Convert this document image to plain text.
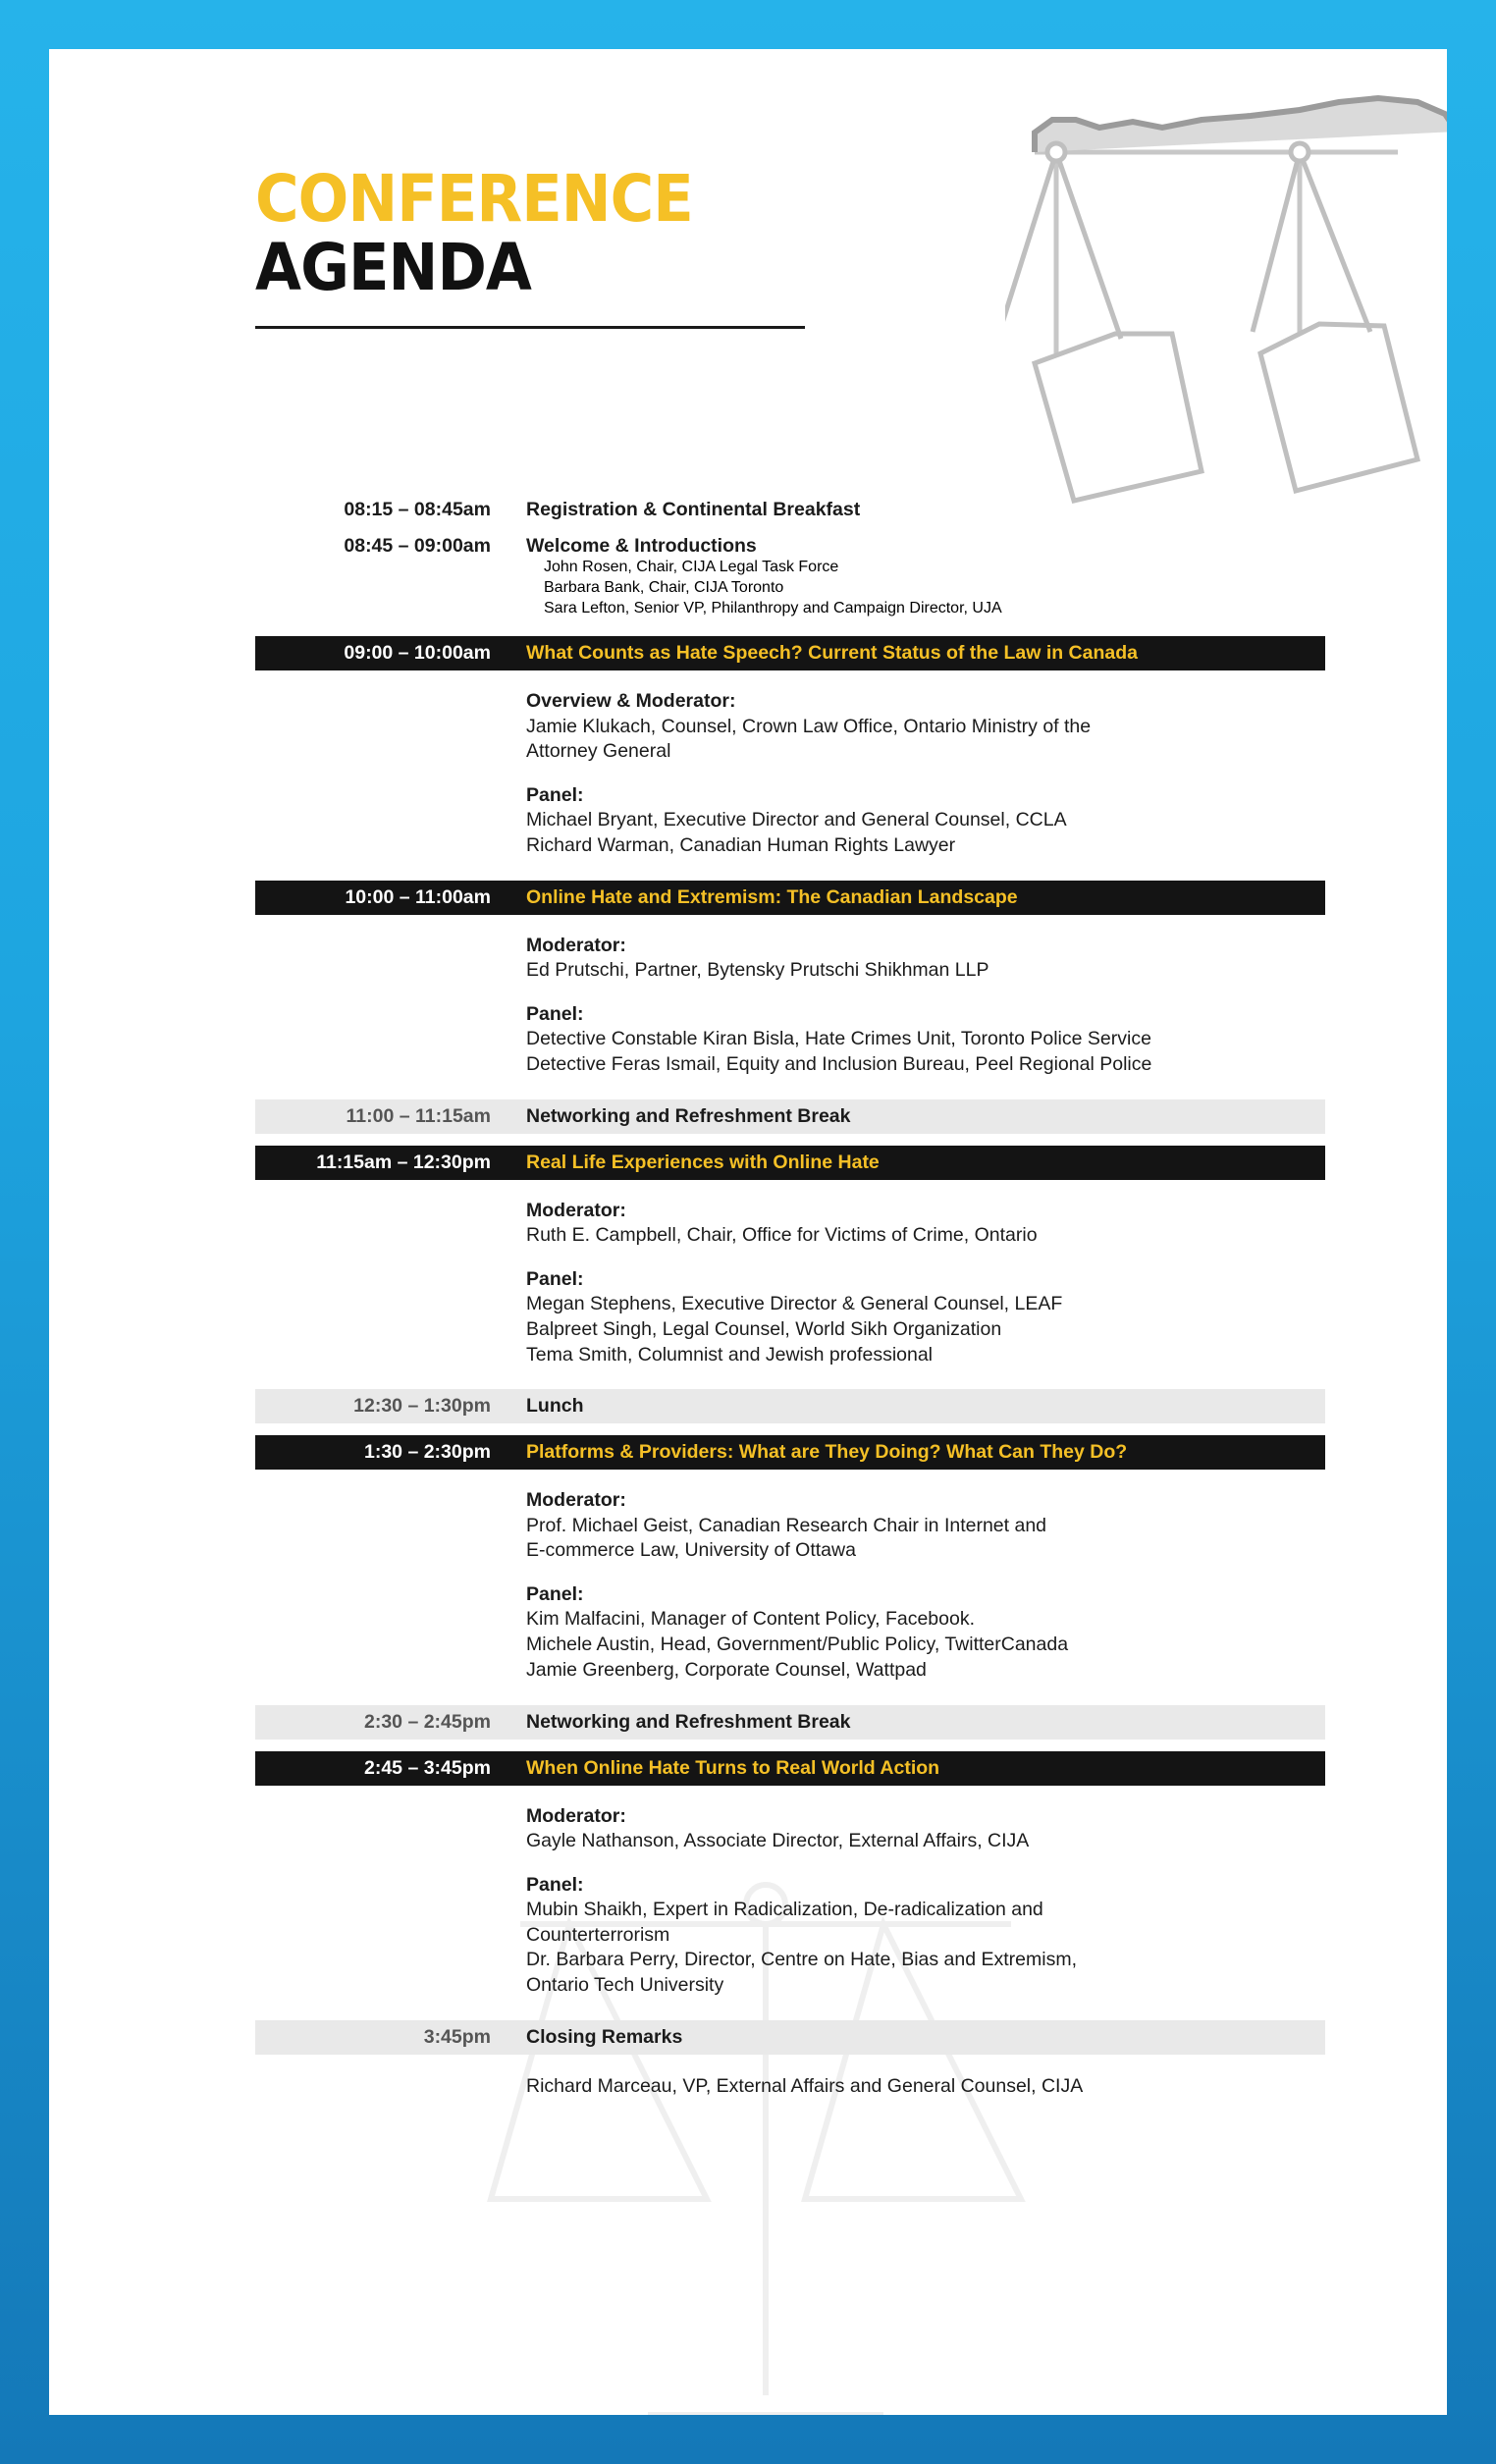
CONFERENCE
AGENDA
08:15 – 08:45am	Registration & Continental Breakfast
08:45 – 09:00am	Welcome & Introductions
John Rosen, Chair, CIJA Legal Task Force
Barbara Bank, Chair, CIJA Toronto
Sara Lefton, Senior VP, Philanthropy and Campaign Director, UJA
09:00 – 10:00am	What Counts as Hate Speech? Current Status of the Law in Canada
Overview & Moderator:
Jamie Klukach, Counsel, Crown Law Office, Ontario Ministry of the
Attorney General
Panel:
Michael Bryant, Executive Director and General Counsel, CCLA
Richard Warman, Canadian Human Rights Lawyer
10:00 – 11:00am	Online Hate and Extremism: The Canadian Landscape
Moderator:
Ed Prutschi, Partner, Bytensky Prutschi Shikhman LLP
Panel:
Detective Constable Kiran Bisla, Hate Crimes Unit, Toronto Police Service
Detective Feras Ismail, Equity and Inclusion Bureau, Peel Regional Police
11:00 – 11:15am	Networking and Refreshment Break
11:15am – 12:30pm	Real Life Experiences with Online Hate
Moderator:
Ruth E. Campbell, Chair, Office for Victims of Crime, Ontario
Panel:
Megan Stephens, Executive Director & General Counsel, LEAF
Balpreet Singh, Legal Counsel, World Sikh Organization
Tema Smith, Columnist and Jewish professional
12:30 – 1:30pm	Lunch
1:30 – 2:30pm	Platforms & Providers: What are They Doing? What Can They Do?
Moderator:
Prof. Michael Geist, Canadian Research Chair in Internet and
E-commerce Law, University of Ottawa
Panel:
Kim Malfacini, Manager of Content Policy, Facebook.
Michele Austin, Head, Government/Public Policy, TwitterCanada
Jamie Greenberg, Corporate Counsel, Wattpad
2:30 – 2:45pm	Networking and Refreshment Break
2:45 – 3:45pm	When Online Hate Turns to Real World Action
Moderator:
Gayle Nathanson, Associate Director, External Affairs, CIJA
Panel:
Mubin Shaikh, Expert in Radicalization, De-radicalization and
Counterterrorism
Dr. Barbara Perry, Director, Centre on Hate, Bias and Extremism,
Ontario Tech University
3:45pm	Closing Remarks
Richard Marceau, VP, External Affairs and General Counsel, CIJA
